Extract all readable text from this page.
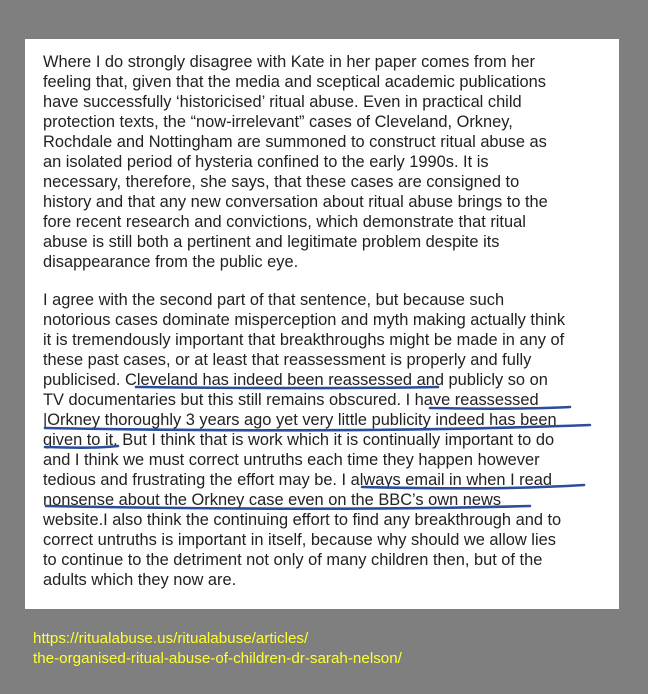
Where I do strongly disagree with Kate in her paper comes from her
feeling that, given that the media and sceptical academic publications
have successfully ‘historicised’ ritual abuse. Even in practical child
protection texts, the “now-irrelevant” cases of Cleveland, Orkney,
Rochdale and Nottingham are summoned to construct ritual abuse as
an isolated period of hysteria confined to the early 1990s. It is
necessary, therefore, she says, that these cases are consigned to
history and that any new conversation about ritual abuse brings to the
fore recent research and convictions, which demonstrate that ritual
abuse is still both a pertinent and legitimate problem despite its
disappearance from the public eye.
I agree with the second part of that sentence, but because such
notorious cases dominate misperception and myth making actually think
it is tremendously important that breakthroughs might be made in any of
these past cases, or at least that reassessment is properly and fully
publicised. Cleveland has indeed been reassessed and publicly so on
TV documentaries but this still remains obscured. I have reassessed
|Orkney thoroughly 3 years ago yet very little publicity indeed has been
given to it. But I think that is work which it is continually important to do
and I think we must correct untruths each time they happen however
tedious and frustrating the effort may be. I always email in when I read
nonsense about the Orkney case even on the BBC’s own news
website.I also think the continuing effort to find any breakthrough and to
correct untruths is important in itself, because why should we allow lies
to continue to the detriment not only of many children then, but of the
adults which they now are.
https://ritualabuse.us/ritualabuse/articles/
the-organised-ritual-abuse-of-children-dr-sarah-nelson/
